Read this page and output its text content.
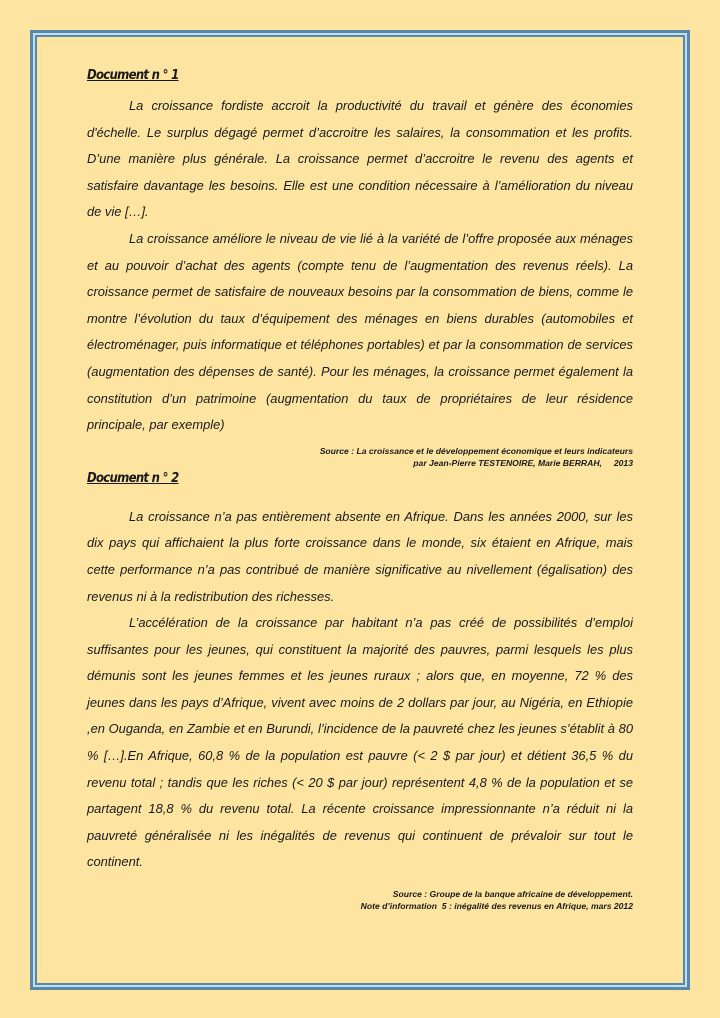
Document n ° 1

La croissance fordiste accroit la productivité du travail et génère des économies d'échelle. Le surplus dégagé permet d’accroitre les salaires, la consommation et les profits. D’une manière plus générale. La croissance permet d’accroitre le revenu des agents et satisfaire davantage les besoins. Elle est une condition nécessaire à l’amélioration du niveau de vie […].

La croissance améliore le niveau de vie lié à la variété de l’offre proposée aux ménages et au pouvoir d’achat des agents (compte tenu de l’augmentation des revenus réels). La croissance permet de satisfaire de nouveaux besoins par la consommation de biens, comme le montre l’évolution du taux d’équipement des ménages en biens durables (automobiles et électroménager, puis informatique et téléphones portables) et par la consommation de services (augmentation des dépenses de santé). Pour les ménages, la croissance permet également la constitution d’un patrimoine (augmentation du taux de propriétaires de leur résidence principale, par exemple)

Source : La croissance et le développement économique et leurs indicateurs
par Jean-Pierre TESTENOIRE, Marie BERRAH,     2013
Document n ° 2

La croissance n’a pas entièrement absente en Afrique. Dans les années 2000, sur les dix pays qui affichaient la plus forte croissance dans le monde, six étaient en Afrique, mais cette performance n’a pas contribué de manière significative au nivellement (égalisation) des revenus ni à la redistribution des richesses.

L’accélération de la croissance par habitant n’a pas créé de possibilités d’emploi suffisantes pour les jeunes, qui constituent la majorité des pauvres, parmi lesquels les plus démunis sont les jeunes femmes et les jeunes ruraux ; alors que, en moyenne, 72 % des jeunes dans les pays d’Afrique, vivent avec moins de 2 dollars par jour, au Nigéria, en Ethiopie ,en Ouganda, en Zambie et en Burundi, l’incidence de la pauvreté chez les jeunes s’établit à 80 % […].En Afrique, 60,8 % de la population est pauvre (< 2 $ par jour) et détient 36,5 % du revenu total ; tandis que les riches (< 20 $ par jour) représentent 4,8 % de la population et se partagent 18,8 % du revenu total. La récente croissance impressionnante n’a réduit ni la pauvreté généralisée ni les inégalités de revenus qui continuent de prévaloir sur tout le continent.

Source : Groupe de la banque africaine de développement.
Note d’information  5 : inégalité des revenus en Afrique, mars 2012
